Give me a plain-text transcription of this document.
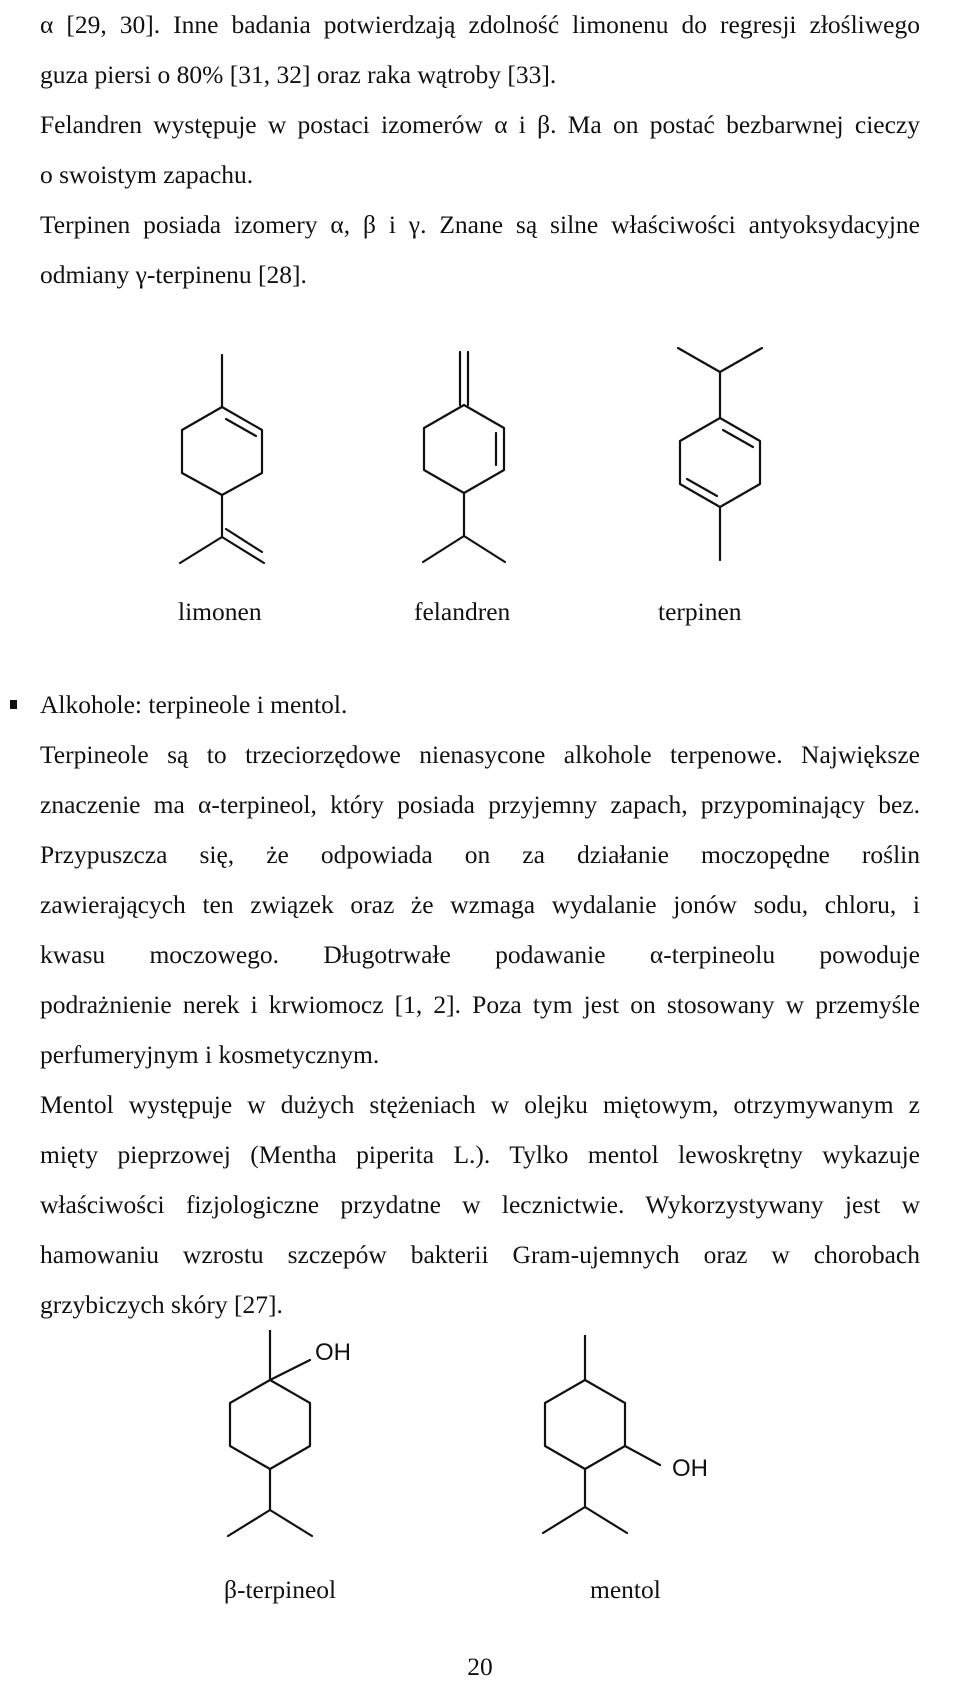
α [29, 30]. Inne badania potwierdzają zdolność limonenu do regresji złośliwego

guza piersi o 80% [31, 32] oraz raka wątroby [33].

Felandren występuje w postaci izomerów α i β. Ma on postać bezbarwnej cieczy

o swoistym zapachu.

Terpinen posiada izomery α, β i γ. Znane są silne właściwości antyoksydacyjne

odmiany γ-terpinenu [28].

limonen	felandren	terpinen

Alkohole: terpineole i mentol.

Terpineole są to trzeciorzędowe nienasycone alkohole terpenowe. Największe

znaczenie ma α-terpineol, który posiada przyjemny zapach, przypominający bez.

Przypuszcza się, że odpowiada on za działanie moczopędne roślin

zawierających ten związek oraz że wzmaga wydalanie jonów sodu, chloru, i

kwasu moczowego. Długotrwałe podawanie α-terpineolu powoduje

podrażnienie nerek i krwiomocz [1, 2]. Poza tym jest on stosowany w przemyśle

perfumeryjnym i kosmetycznym.

Mentol występuje w dużych stężeniach w olejku miętowym, otrzymywanym z

mięty pieprzowej (Mentha piperita L.). Tylko mentol lewoskrętny wykazuje

właściwości fizjologiczne przydatne w lecznictwie. Wykorzystywany jest w

hamowaniu wzrostu szczepów bakterii Gram-ujemnych oraz w chorobach

grzybiczych skóry [27].

OH
β-terpineol
OH
mentol
20
